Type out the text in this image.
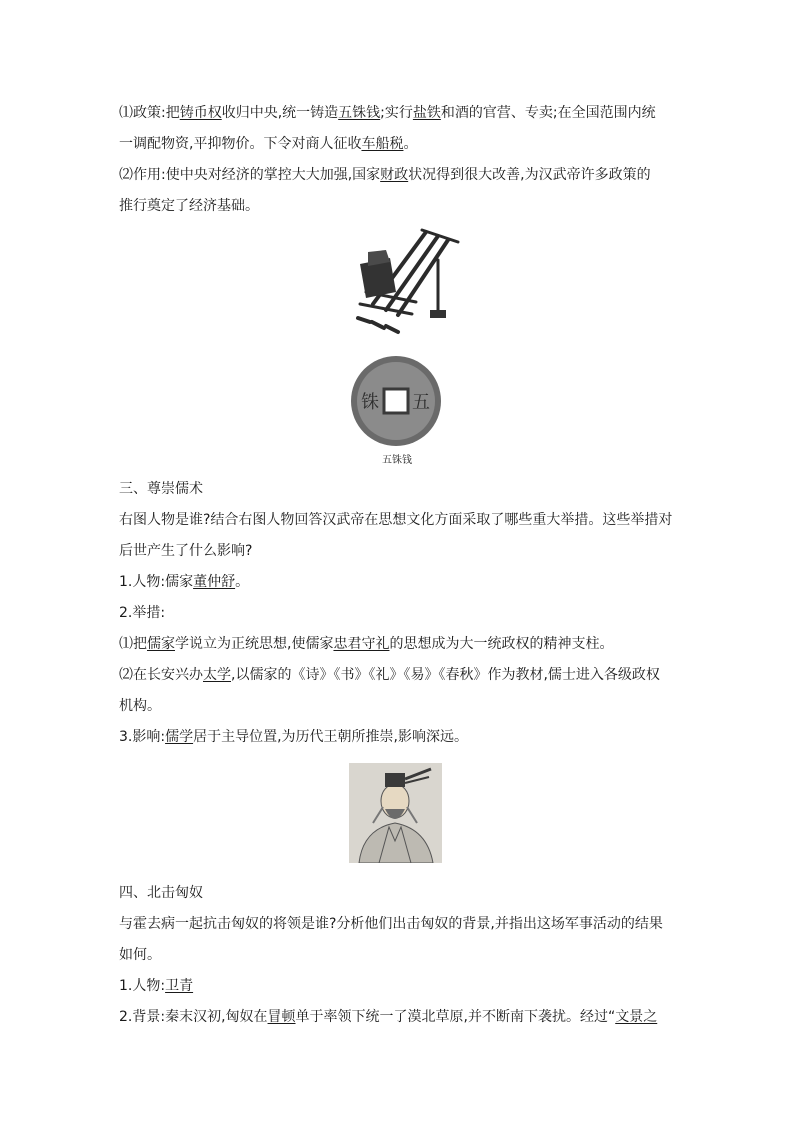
⑴政策:把铸币权收归中央,统一铸造五铢钱;实行盐铁和酒的官营、专卖;在全国范围内统
一调配物资,平抑物价。下令对商人征收车船税。
⑵作用:使中央对经济的掌控大大加强,国家财政状况得到很大改善,为汉武帝许多政策的
推行奠定了经济基础。
五
铢
五铢钱
三、尊崇儒术
右图人物是谁?结合右图人物回答汉武帝在思想文化方面采取了哪些重大举措。这些举措对
后世产生了什么影响?
1.人物:儒家董仲舒。
2.举措:
⑴把儒家学说立为正统思想,使儒家忠君守礼的思想成为大一统政权的精神支柱。
⑵在长安兴办太学,以儒家的《诗》《书》《礼》《易》《春秋》作为教材,儒士进入各级政权
机构。
3.影响:儒学居于主导位置,为历代王朝所推崇,影响深远。
四、北击匈奴
与霍去病一起抗击匈奴的将领是谁?分析他们出击匈奴的背景,并指出这场军事活动的结果
如何。
1.人物:卫青
2.背景:秦末汉初,匈奴在冒顿单于率领下统一了漠北草原,并不断南下袭扰。经过“文景之
